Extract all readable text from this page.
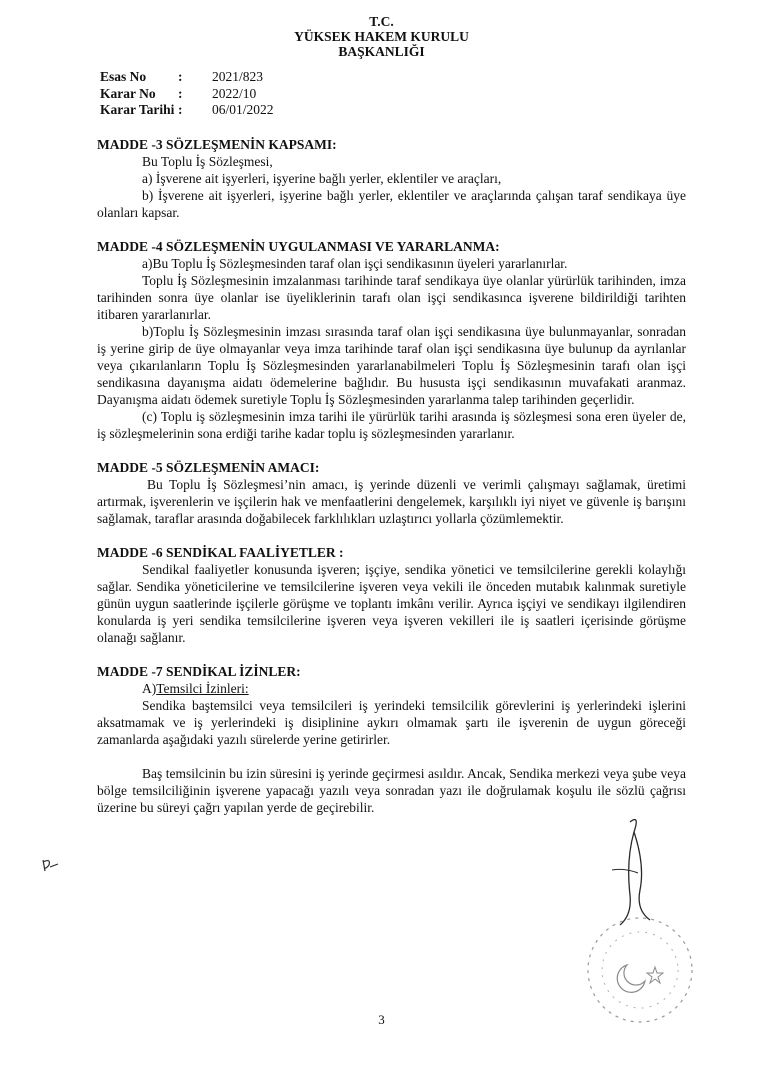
T.C.
YÜKSEK HAKEM KURULU
BAŞKANLIĞI
Esas No	:	2021/823
Karar No	:	2022/10
Karar Tarihi :	06/01/2022

MADDE -3 SÖZLEŞMENİN KAPSAMI:

Bu Toplu İş Sözleşmesi,

a) İşverene ait işyerleri, işyerine bağlı yerler, eklentiler ve araçları,

b) İşverene ait işyerleri, işyerine bağlı yerler, eklentiler ve araçlarında çalışan taraf sendikaya üye olanları kapsar.

MADDE -4 SÖZLEŞMENİN UYGULANMASI VE YARARLANMA:

a)Bu Toplu İş Sözleşmesinden taraf olan işçi sendikasının üyeleri yararlanırlar.

Toplu İş Sözleşmesinin imzalanması tarihinde taraf sendikaya üye olanlar yürürlük tarihinden, imza tarihinden sonra üye olanlar ise üyeliklerinin tarafı olan işçi sendikasınca işverene bildirildiği tarihten itibaren yararlanırlar.

b)Toplu İş Sözleşmesinin imzası sırasında taraf olan işçi sendikasına üye bulunmayanlar, sonradan iş yerine girip de üye olmayanlar veya imza tarihinde taraf olan işçi sendikasına üye bulunup da ayrılanlar veya çıkarılanların Toplu İş Sözleşmesinden yararlanabilmeleri Toplu İş Sözleşmesinin tarafı olan işçi sendikasına dayanışma aidatı ödemelerine bağlıdır. Bu hususta işçi sendikasının muvafakati aranmaz. Dayanışma aidatı ödemek suretiyle Toplu İş Sözleşmesinden yararlanma talep tarihinden geçerlidir.

(c) Toplu iş sözleşmesinin imza tarihi ile yürürlük tarihi arasında iş sözleşmesi sona eren üyeler de, iş sözleşmelerinin sona erdiği tarihe kadar toplu iş sözleşmesinden yararlanır.

MADDE -5 SÖZLEŞMENİN AMACI:

Bu Toplu İş Sözleşmesi’nin amacı, iş yerinde düzenli ve verimli çalışmayı sağlamak, üretimi artırmak, işverenlerin ve işçilerin hak ve menfaatlerini dengelemek, karşılıklı iyi niyet ve güvenle iş barışını sağlamak, taraflar arasında doğabilecek farklılıkları uzlaştırıcı yollarla çözümlemektir.

MADDE -6 SENDİKAL FAALİYETLER :

Sendikal faaliyetler konusunda işveren; işçiye, sendika yönetici ve temsilcilerine gerekli kolaylığı sağlar. Sendika yöneticilerine ve temsilcilerine işveren veya vekili ile önceden mutabık kalınmak suretiyle günün uygun saatlerinde işçilerle görüşme ve toplantı imkânı verilir. Ayrıca işçiyi ve sendikayı ilgilendiren konularda iş yeri sendika temsilcilerine işveren veya işveren vekilleri ile iş saatleri içerisinde görüşme olanağı sağlanır.

MADDE -7 SENDİKAL İZİNLER:

A)Temsilci İzinleri:

Sendika baştemsilci veya temsilcileri iş yerindeki temsilcilik görevlerini iş yerlerindeki işlerini aksatmamak ve iş yerlerindeki iş disiplinine aykırı olmamak şartı ile işverenin de uygun göreceği zamanlarda aşağıdaki yazılı sürelerde yerine getirirler.

Baş temsilcinin bu izin süresini iş yerinde geçirmesi asıldır. Ancak, Sendika merkezi veya şube veya bölge temsilciliğinin işverene yapacağı yazılı veya sonradan yazı ile doğrulamak koşulu ile sözlü çağrısı üzerine bu süreyi çağrı yapılan yerde de geçirebilir.

3
